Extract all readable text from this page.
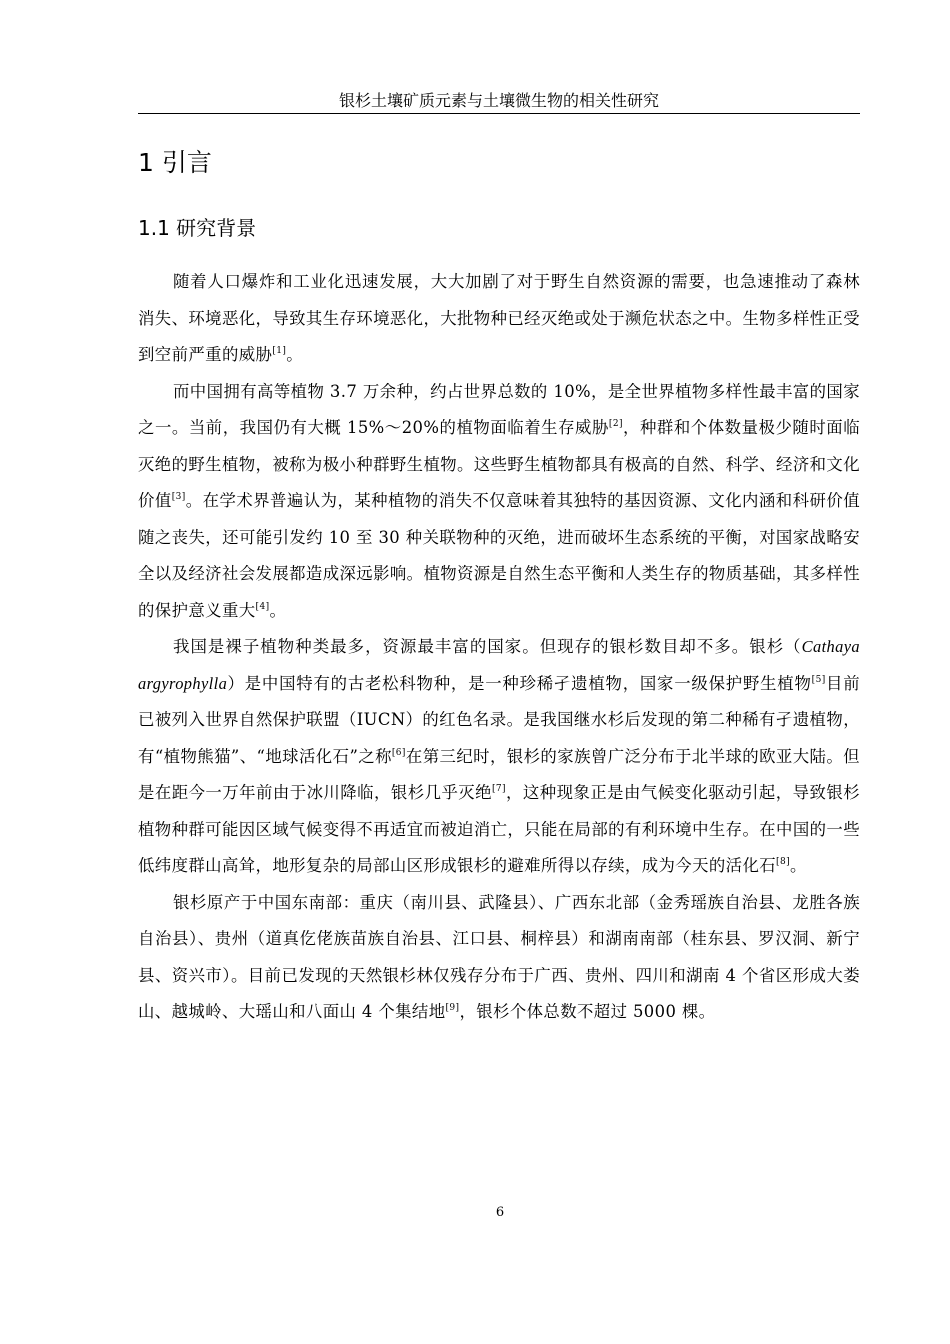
银杉土壤矿质元素与土壤微生物的相关性研究
1 引言
1.1 研究背景

随着人口爆炸和工业化迅速发展，大大加剧了对于野生自然资源的需要，也急速推动了森林消失、环境恶化，导致其生存环境恶化，大批物种已经灭绝或处于濒危状态之中。生物多样性正受到空前严重的威胁[1]。

而中国拥有高等植物 3.7 万余种，约占世界总数的 10%，是全世界植物多样性最丰富的国家之一。当前，我国仍有大概 15%～20%的植物面临着生存威胁[2]，种群和个体数量极少随时面临灭绝的野生植物，被称为极小种群野生植物。这些野生植物都具有极高的自然、科学、经济和文化价值[3]。在学术界普遍认为，某种植物的消失不仅意味着其独特的基因资源、文化内涵和科研价值随之丧失，还可能引发约 10 至 30 种关联物种的灭绝，进而破坏生态系统的平衡，对国家战略安全以及经济社会发展都造成深远影响。植物资源是自然生态平衡和人类生存的物质基础，其多样性的保护意义重大[4]。

我国是裸子植物种类最多，资源最丰富的国家。但现存的银杉数目却不多。银杉（Cathaya argyrophylla）是中国特有的古老松科物种，是一种珍稀孑遗植物，国家一级保护野生植物[5]目前已被列入世界自然保护联盟（IUCN）的红色名录。是我国继水杉后发现的第二种稀有孑遗植物，有“植物熊猫”、“地球活化石”之称[6]在第三纪时，银杉的家族曾广泛分布于北半球的欧亚大陆。但是在距今一万年前由于冰川降临，银杉几乎灭绝[7]，这种现象正是由气候变化驱动引起，导致银杉植物种群可能因区域气候变得不再适宜而被迫消亡，只能在局部的有利环境中生存。在中国的一些低纬度群山高耸，地形复杂的局部山区形成银杉的避难所得以存续，成为今天的活化石[8]。

银杉原产于中国东南部：重庆（南川县、武隆县）、广西东北部（金秀瑶族自治县、龙胜各族自治县）、贵州（道真仡佬族苗族自治县、江口县、桐梓县）和湖南南部（桂东县、罗汉洞、新宁县、资兴市）。目前已发现的天然银杉林仅残存分布于广西、贵州、四川和湖南 4 个省区形成大娄山、越城岭、大瑶山和八面山 4 个集结地[9]，银杉个体总数不超过 5000 棵。

6
